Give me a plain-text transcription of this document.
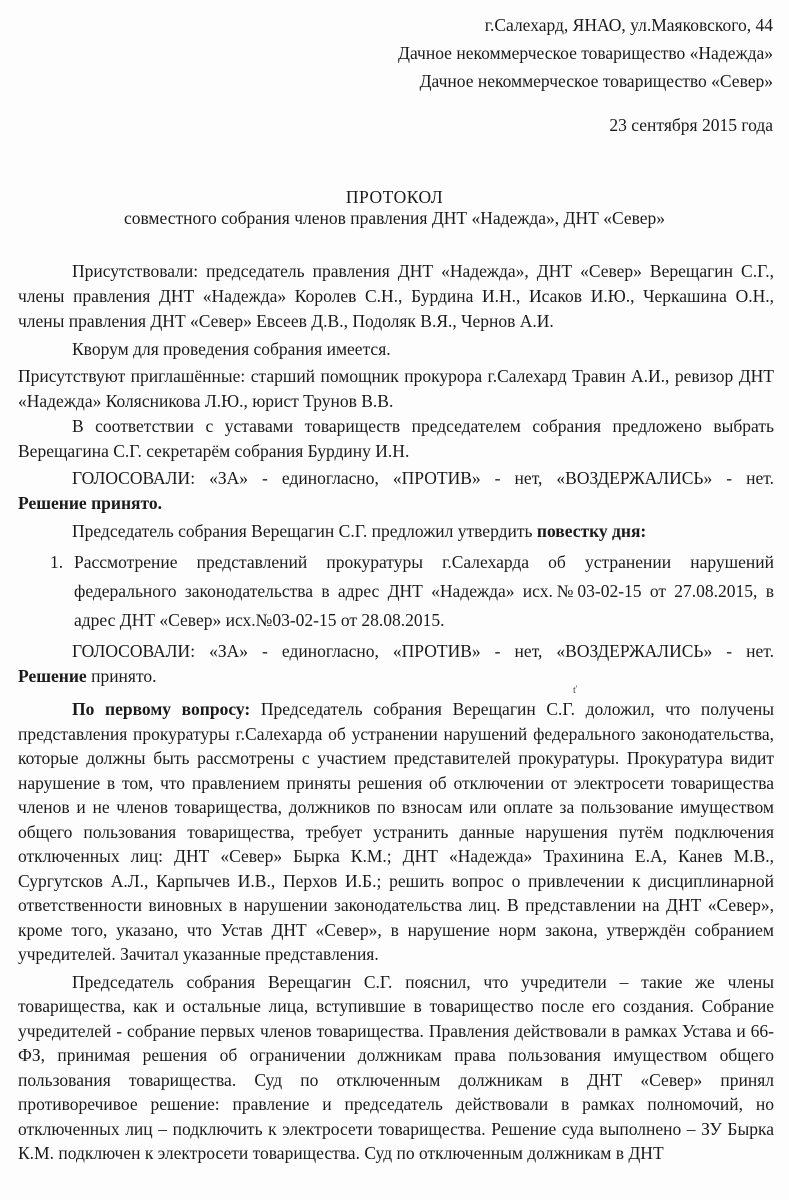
г.Салехард, ЯНАО, ул.Маяковского, 44
Дачное некоммерческое товарищество «Надежда»
Дачное некоммерческое товарищество «Север»
23 сентября 2015 года
ПРОТОКОЛ
совместного собрания членов правления ДНТ «Надежда», ДНТ «Север»

Присутствовали: председатель правления ДНТ «Надежда», ДНТ «Север» Верещагин С.Г., члены правления ДНТ «Надежда» Королев С.Н., Бурдина И.Н., Исаков И.Ю., Черкашина О.Н., члены правления ДНТ «Север» Евсеев Д.В., Подоляк В.Я., Чернов А.И.

Кворум для проведения собрания имеется.

Присутствуют приглашённые: старший помощник прокурора г.Салехард Травин А.И., ревизор ДНТ «Надежда» Колясникова Л.Ю., юрист Трунов В.В.

В соответствии с уставами товариществ председателем собрания предложено выбрать Верещагина С.Г. секретарём собрания Бурдину И.Н.

ГОЛОСОВАЛИ: «ЗА» - единогласно, «ПРОТИВ» - нет, «ВОЗДЕРЖАЛИСЬ» - нет.

Решение принято.

Председатель собрания Верещагин С.Г. предложил утвердить повестку дня:

1. Рассмотрение представлений прокуратуры г.Салехарда об устранении нарушений федерального законодательства в адрес ДНТ «Надежда» исх.№03-02-15 от 27.08.2015, в адрес ДНТ «Север» исх.№03-02-15 от 28.08.2015.

ГОЛОСОВАЛИ: «ЗА» - единогласно, «ПРОТИВ» - нет, «ВОЗДЕРЖАЛИСЬ» - нет.

Решение принято.

ť

По первому вопросу: Председатель собрания Верещагин С.Г. доложил, что получены представления прокуратуры г.Салехарда об устранении нарушений федерального законодательства, которые должны быть рассмотрены с участием представителей прокуратуры. Прокуратура видит нарушение в том, что правлением приняты решения об отключении от электросети товарищества членов и не членов товарищества, должников по взносам или оплате за пользование имуществом общего пользования товарищества, требует устранить данные нарушения путём подключения отключенных лиц: ДНТ «Север» Бырка К.М.; ДНТ «Надежда» Трахинина Е.А, Канев М.В., Сургутсков А.Л., Карпычев И.В., Перхов И.Б.; решить вопрос о привлечении к дисциплинарной ответственности виновных в нарушении законодательства лиц. В представлении на ДНТ «Север», кроме того, указано, что Устав ДНТ «Север», в нарушение норм закона, утверждён собранием учредителей. Зачитал указанные представления.

Председатель собрания Верещагин С.Г. пояснил, что учредители – такие же члены товарищества, как и остальные лица, вступившие в товарищество после его создания. Собрание учредителей - собрание первых членов товарищества. Правления действовали в рамках Устава и 66-ФЗ, принимая решения об ограничении должникам права пользования имуществом общего пользования товарищества. Суд по отключенным должникам в ДНТ «Север» принял противоречивое решение: правление и председатель действовали в рамках полномочий, но отключенных лиц – подключить к электросети товарищества. Решение суда выполнено – ЗУ Бырка К.М. подключен к электросети товарищества. Суд по отключенным должникам в ДНТ
